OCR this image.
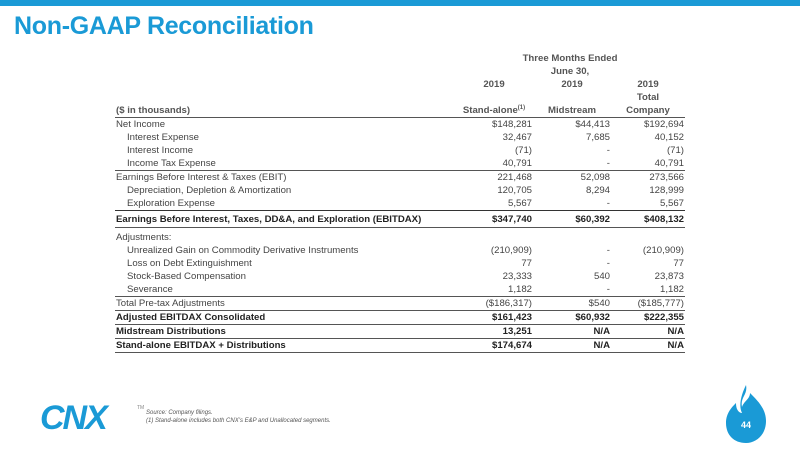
Non-GAAP Reconciliation
	Three Months Ended		
	June 30,		
	2019	2019	2019
($ in thousands)	Stand-alone$^{(1)}$	Midstream	Total
Company

Net Income	$148,281	$44,413	$192,694
Interest Expense	32,467	7,685	40,152
Interest Income	(71)	-	(71)
Income Tax Expense	40,791	-	40,791
Earnings Before Interest & Taxes (EBIT)	221,468	52,098	273,566
Depreciation, Depletion & Amortization	120,705	8,294	128,999
Exploration Expense	5,567	-	5,567
Earnings Before Interest, Taxes, DD&A, and Exploration (EBITDAX)	$347,740	$60,392	$408,132
Adjustments:			
Unrealized Gain on Commodity Derivative Instruments	(210,909)	-	(210,909)
Loss on Debt Extinguishment	77	-	77
Stock-Based Compensation	23,333	540	23,873
Severance	1,182	-	1,182
Total Pre-tax Adjustments	($186,317)	$540	($185,777)
Adjusted EBITDAX Consolidated	$161,423	$60,932	$222,355
Midstream Distributions	13,251	N/A	N/A
Stand-alone EBITDAX + Distributions	$174,674	N/A	N/A
CNX	TM
Source: Company filings.
(1) Stand-alone includes both CNX’s E&P and Unallocated segments.	44
